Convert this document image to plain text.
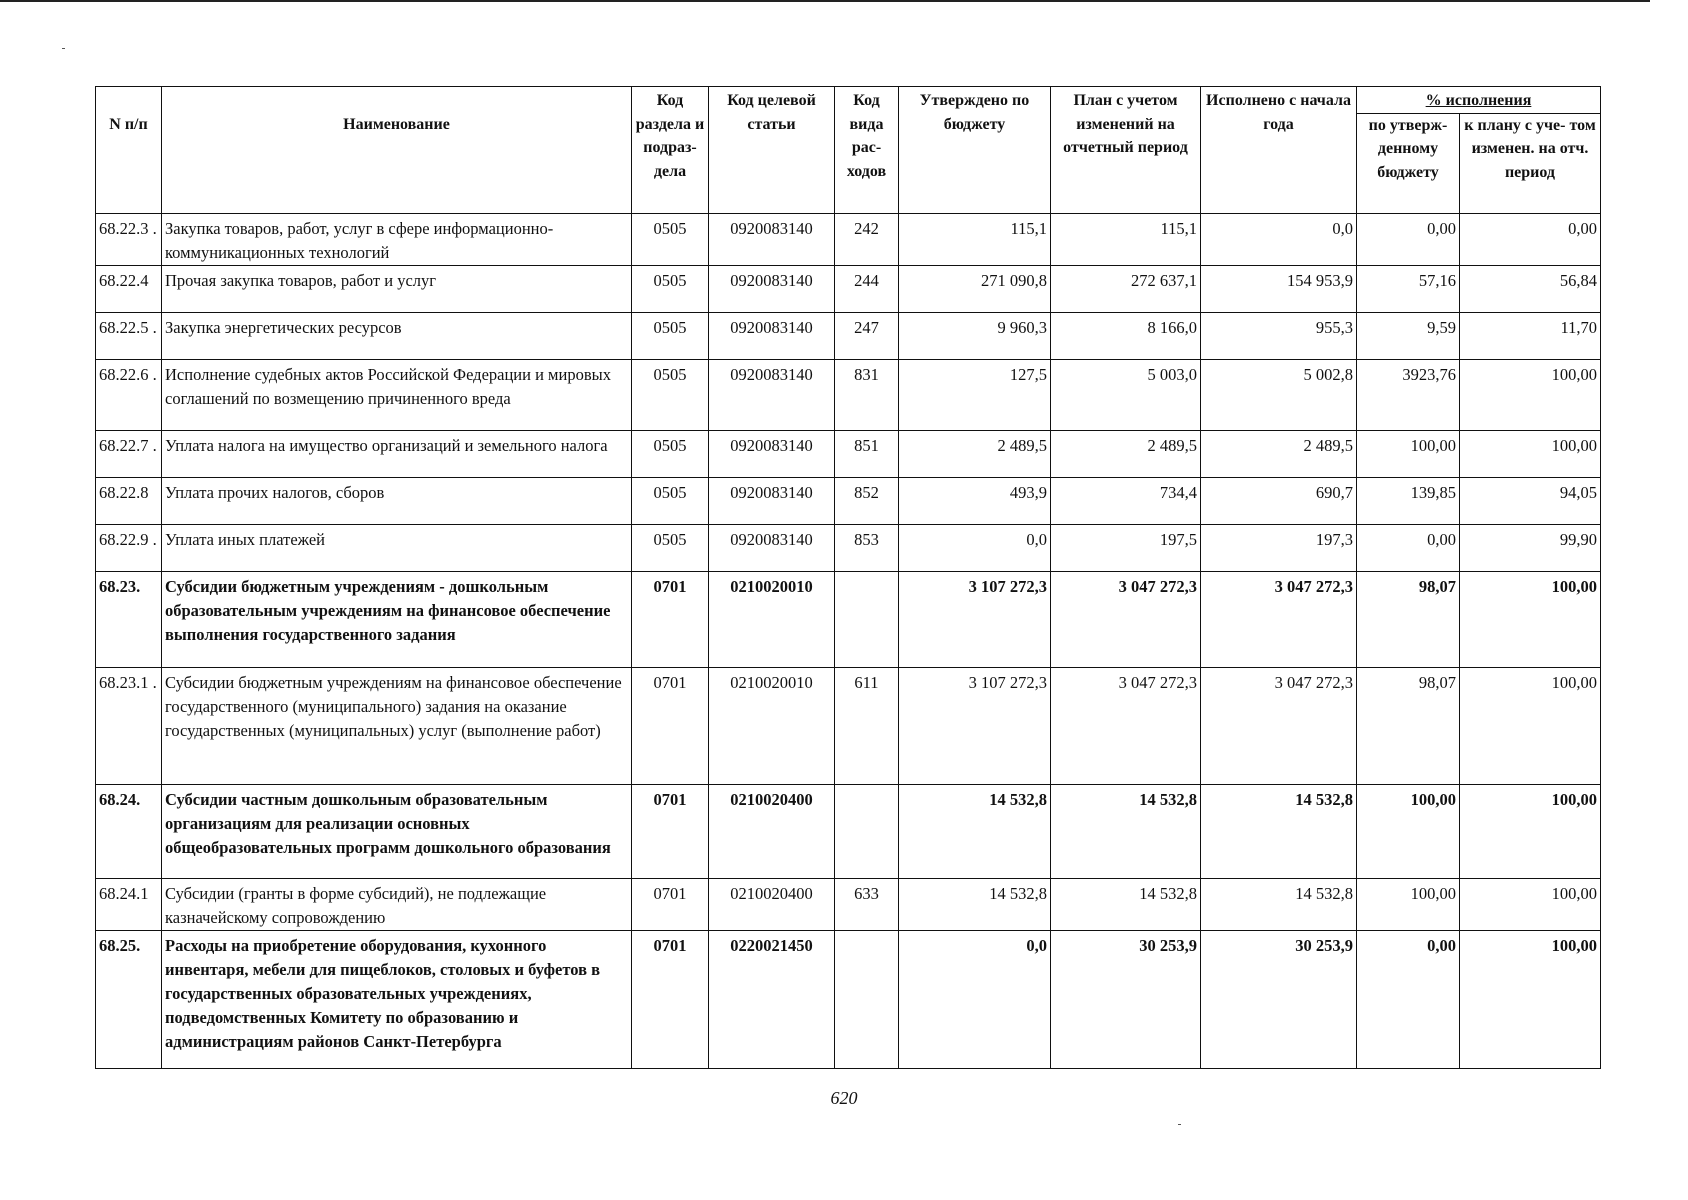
N п/п	Наименование	Код раздела и подраз- дела	Код целевой статьи	Код вида рас- ходов	Утверждено по бюджету	План с учетом изменений на отчетный период	Исполнено с начала года	% исполнения	
								по утверж- денному бюджету	к плану с уче- том изменен. на отч. период
68.22.3 .	Закупка товаров, работ, услуг в сфере информационно-коммуникационных технологий	0505	0920083140	242	115,1	115,1	0,0	0,00	0,00
68.22.4	Прочая закупка товаров, работ и услуг	0505	0920083140	244	271 090,8	272 637,1	154 953,9	57,16	56,84
68.22.5 .	Закупка энергетических ресурсов	0505	0920083140	247	9 960,3	8 166,0	955,3	9,59	11,70
68.22.6 .	Исполнение судебных актов Российской Федерации и мировых соглашений по возмещению причиненного вреда	0505	0920083140	831	127,5	5 003,0	5 002,8	3923,76	100,00
68.22.7 .	Уплата налога на имущество организаций и земельного налога	0505	0920083140	851	2 489,5	2 489,5	2 489,5	100,00	100,00
68.22.8	Уплата прочих налогов, сборов	0505	0920083140	852	493,9	734,4	690,7	139,85	94,05
68.22.9 .	Уплата иных платежей	0505	0920083140	853	0,0	197,5	197,3	0,00	99,90
68.23.	Субсидии бюджетным учреждениям - дошкольным образовательным учреждениям на финансовое обеспечение выполнения государственного задания	0701	0210020010		3 107 272,3	3 047 272,3	3 047 272,3	98,07	100,00
68.23.1 .	Субсидии бюджетным учреждениям на финансовое обеспечение государственного (муниципального) задания на оказание государственных (муниципальных) услуг (выполнение работ)	0701	0210020010	611	3 107 272,3	3 047 272,3	3 047 272,3	98,07	100,00
68.24.	Субсидии частным дошкольным образовательным организациям для реализации основных общеобразовательных программ дошкольного образования	0701	0210020400		14 532,8	14 532,8	14 532,8	100,00	100,00
68.24.1	Субсидии (гранты в форме субсидий), не подлежащие казначейскому сопровождению	0701	0210020400	633	14 532,8	14 532,8	14 532,8	100,00	100,00
68.25.	Расходы на приобретение оборудования, кухонного инвентаря, мебели для пищеблоков, столовых и буфетов в государственных образовательных учреждениях, подведомственных Комитету по образованию и администрациям районов Санкт-Петербурга	0701	0220021450		0,0	30 253,9	30 253,9	0,00	100,00
620
